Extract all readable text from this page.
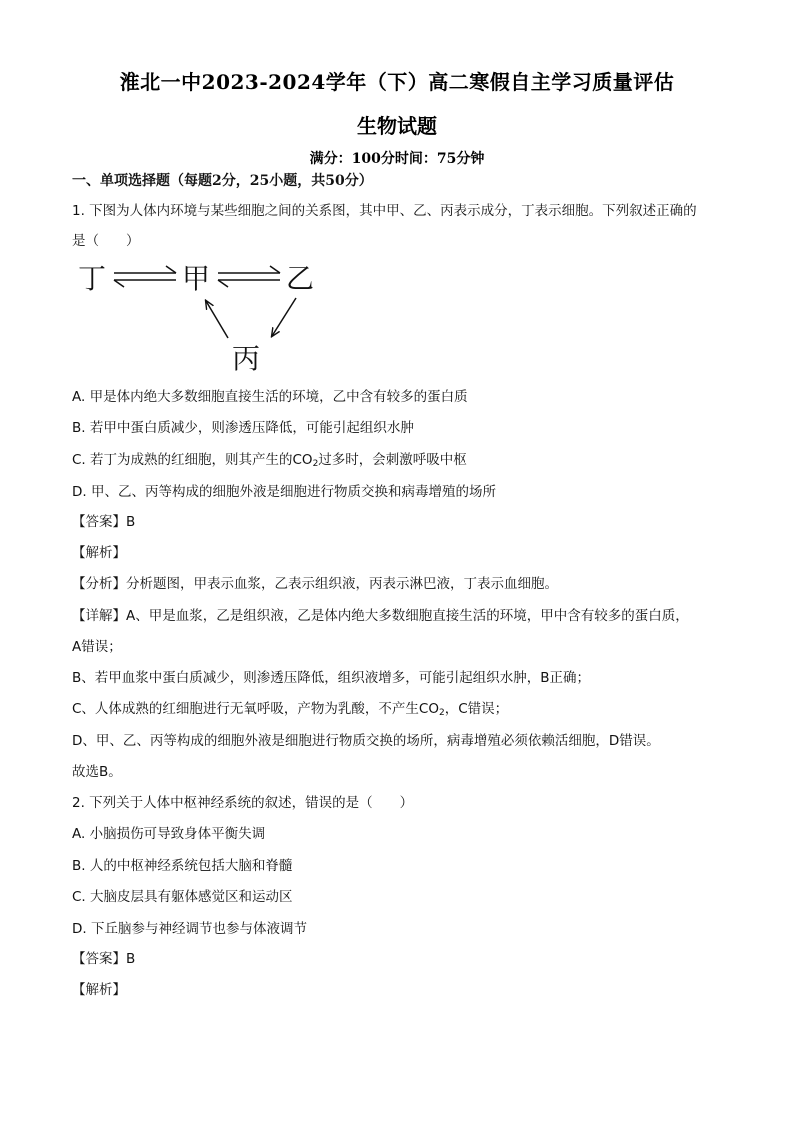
淮北一中2023-2024学年（下）高二寒假自主学习质量评估
生物试题
满分：100分时间：75分钟
一、单项选择题（每题2分，25小题，共50分）
1. 下图为人体内环境与某些细胞之间的关系图，其中甲、乙、丙表示成分，丁表示细胞。下列叙述正确的
是（　　）
丁	甲	乙
丙
A. 甲是体内绝大多数细胞直接生活的环境，乙中含有较多的蛋白质
B. 若甲中蛋白质减少，则渗透压降低，可能引起组织水肿
C. 若丁为成熟的红细胞，则其产生的$CO_2$过多时，会刺激呼吸中枢
D. 甲、乙、丙等构成的细胞外液是细胞进行物质交换和病毒增殖的场所
【答案】B
【解析】
【分析】分析题图，甲表示血浆，乙表示组织液，丙表示淋巴液，丁表示血细胞。
【详解】A、甲是血浆，乙是组织液，乙是体内绝大多数细胞直接生活的环境，甲中含有较多的蛋白质，
A错误；
B、若甲血浆中蛋白质减少，则渗透压降低，组织液增多，可能引起组织水肿，B正确；
C、人体成熟的红细胞进行无氧呼吸，产物为乳酸，不产生$CO_2$，C错误；
D、甲、乙、丙等构成的细胞外液是细胞进行物质交换的场所，病毒增殖必须依赖活细胞，D错误。
故选B。
2. 下列关于人体中枢神经系统的叙述，错误的是（　　）
A. 小脑损伤可导致身体平衡失调
B. 人的中枢神经系统包括大脑和脊髓
C. 大脑皮层具有躯体感觉区和运动区
D. 下丘脑参与神经调节也参与体液调节
【答案】B
【解析】
